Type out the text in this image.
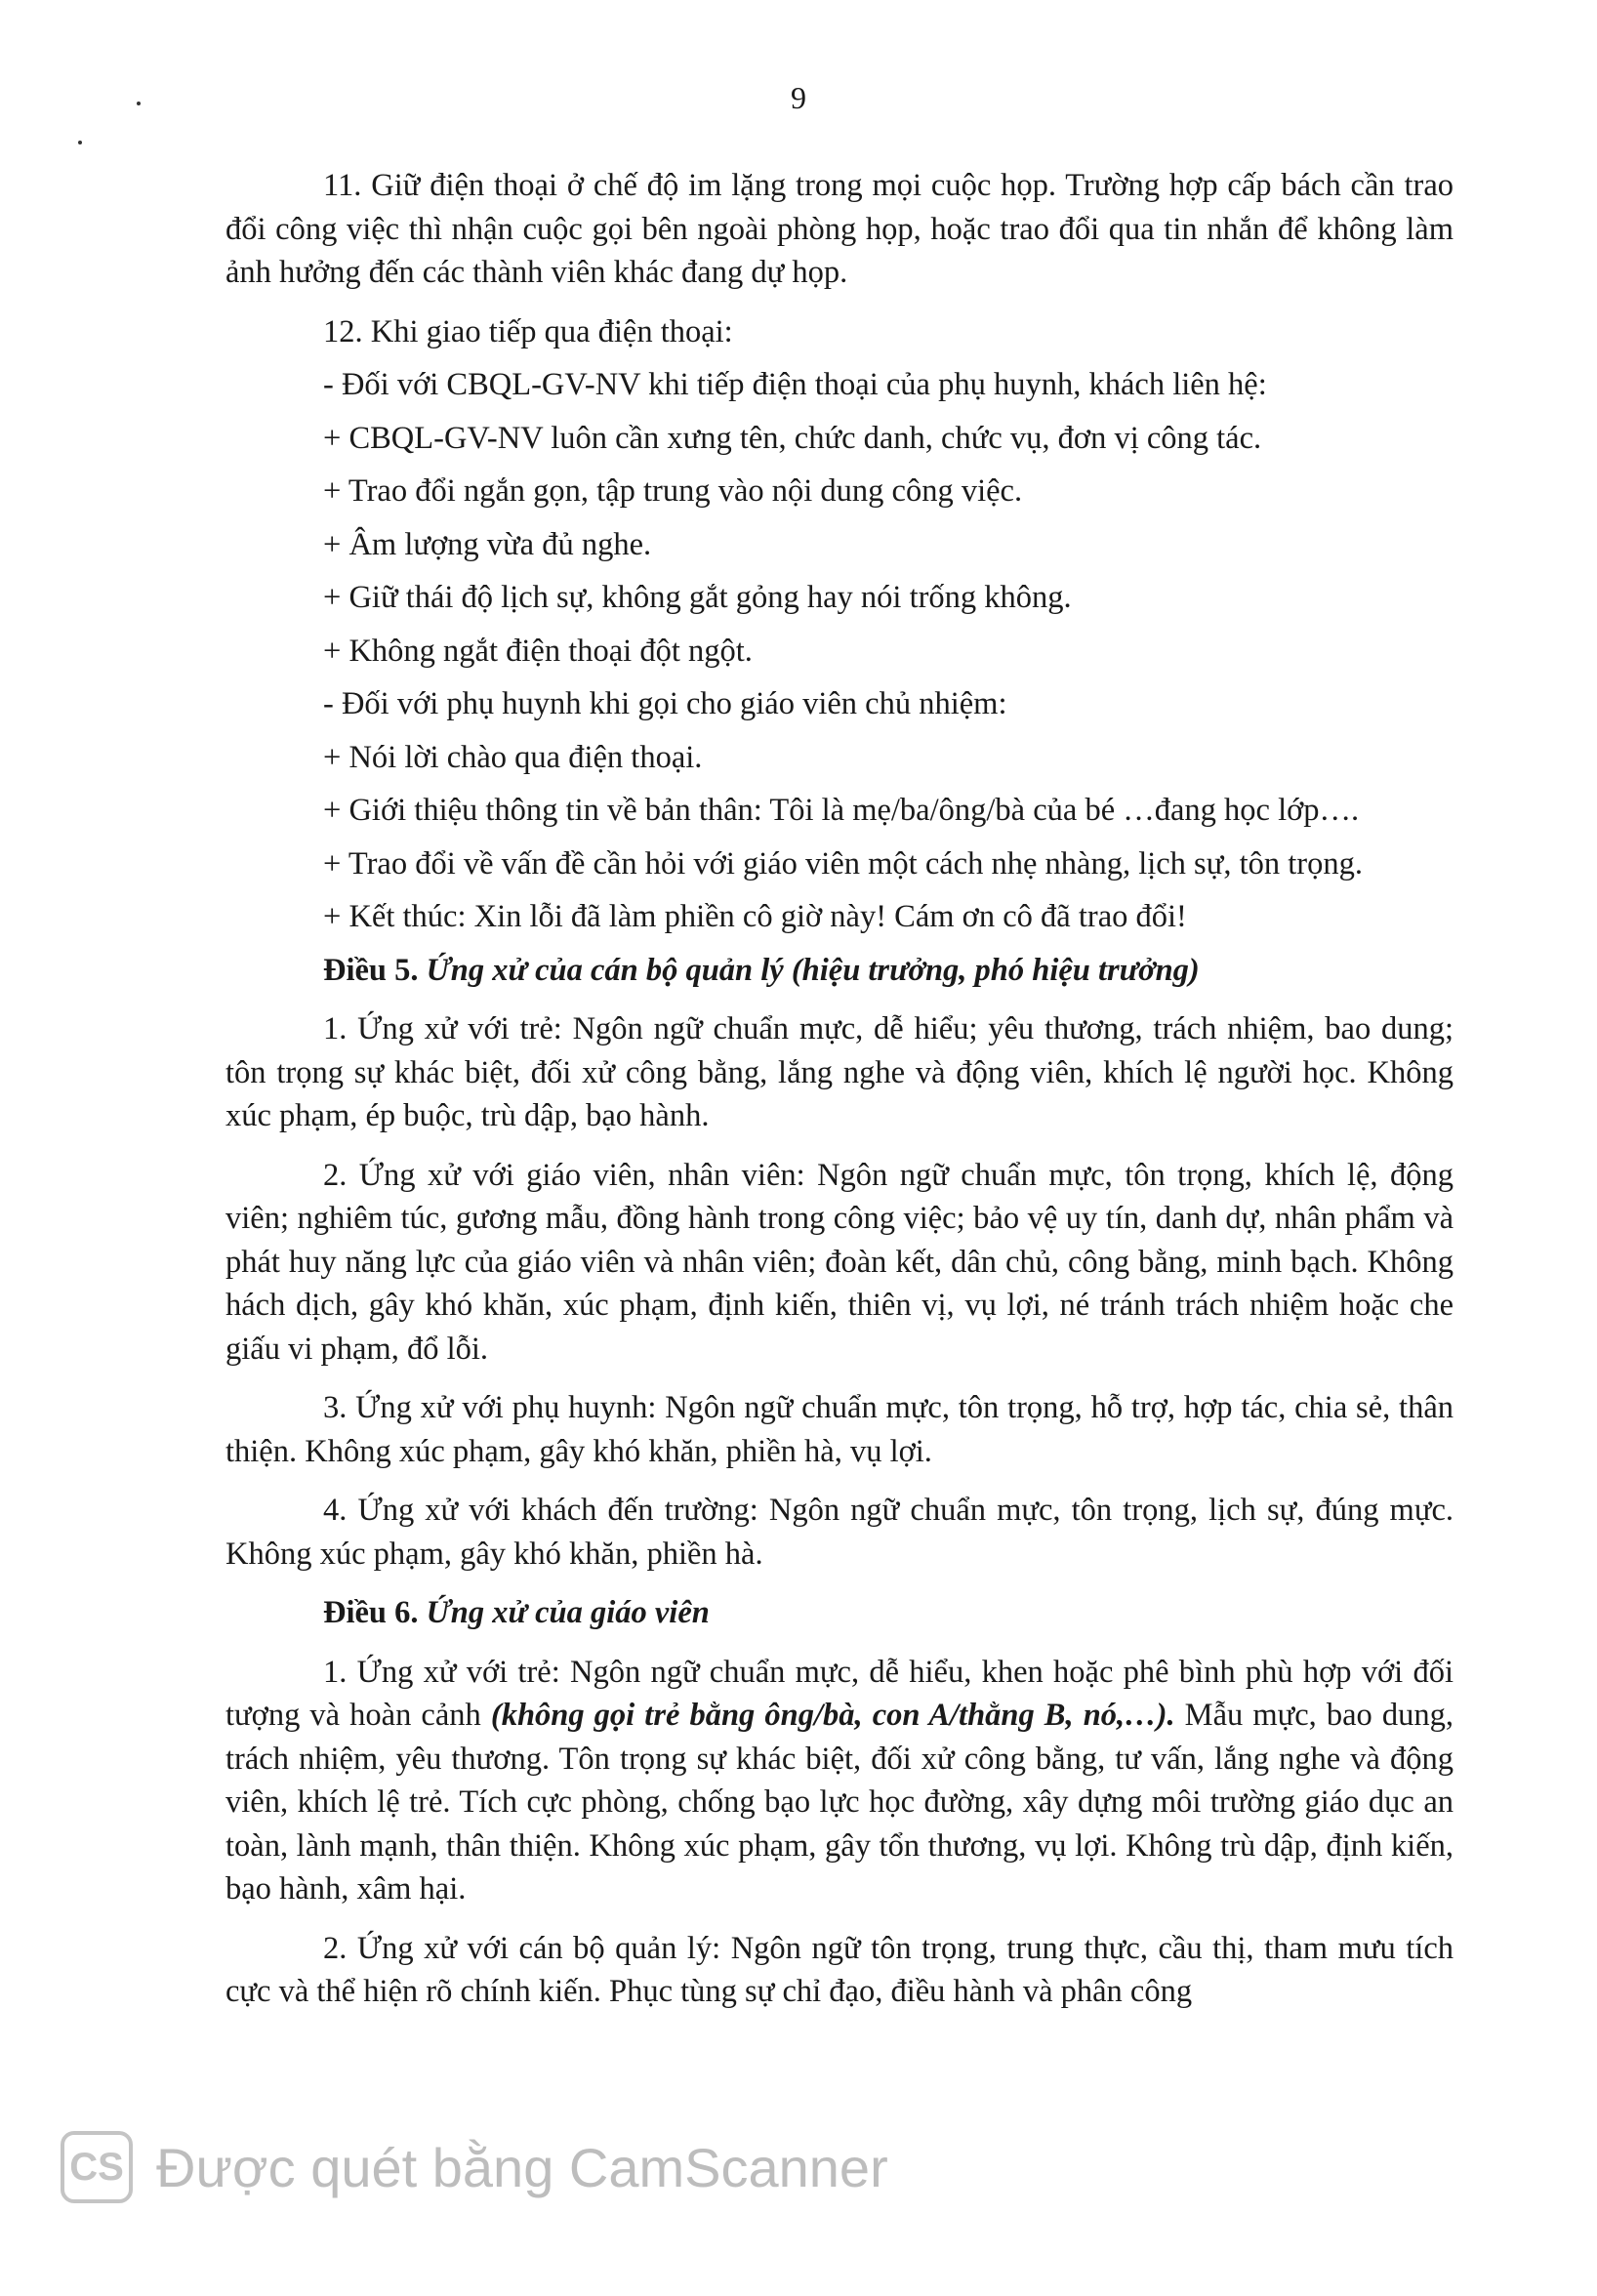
9

11. Giữ điện thoại ở chế độ im lặng trong mọi cuộc họp. Trường hợp cấp bách cần trao đổi công việc thì nhận cuộc gọi bên ngoài phòng họp, hoặc trao đổi qua tin nhắn để không làm ảnh hưởng đến các thành viên khác đang dự họp.

12. Khi giao tiếp qua điện thoại:

- Đối với CBQL-GV-NV khi tiếp điện thoại của phụ huynh, khách liên hệ:

+ CBQL-GV-NV luôn cần xưng tên, chức danh, chức vụ, đơn vị công tác.

+ Trao đổi ngắn gọn, tập trung vào nội dung công việc.

+ Âm lượng vừa đủ nghe.

+ Giữ thái độ lịch sự, không gắt gỏng hay nói trống không.

+ Không ngắt điện thoại đột ngột.

- Đối với phụ huynh khi gọi cho giáo viên chủ nhiệm:

+ Nói lời chào qua điện thoại.

+ Giới thiệu thông tin về bản thân: Tôi là mẹ/ba/ông/bà của bé …đang học lớp….

+ Trao đổi về vấn đề cần hỏi với giáo viên một cách nhẹ nhàng, lịch sự, tôn trọng.

+ Kết thúc: Xin lỗi đã làm phiền cô giờ này! Cám ơn cô đã trao đổi!

Điều 5. Ứng xử của cán bộ quản lý (hiệu trưởng, phó hiệu trưởng)

1. Ứng xử với trẻ: Ngôn ngữ chuẩn mực, dễ hiểu; yêu thương, trách nhiệm, bao dung; tôn trọng sự khác biệt, đối xử công bằng, lắng nghe và động viên, khích lệ người học. Không xúc phạm, ép buộc, trù dập, bạo hành.

2. Ứng xử với giáo viên, nhân viên: Ngôn ngữ chuẩn mực, tôn trọng, khích lệ, động viên; nghiêm túc, gương mẫu, đồng hành trong công việc; bảo vệ uy tín, danh dự, nhân phẩm và phát huy năng lực của giáo viên và nhân viên; đoàn kết, dân chủ, công bằng, minh bạch. Không hách dịch, gây khó khăn, xúc phạm, định kiến, thiên vị, vụ lợi, né tránh trách nhiệm hoặc che giấu vi phạm, đổ lỗi.

3. Ứng xử với phụ huynh: Ngôn ngữ chuẩn mực, tôn trọng, hỗ trợ, hợp tác, chia sẻ, thân thiện. Không xúc phạm, gây khó khăn, phiền hà, vụ lợi.

4. Ứng xử với khách đến trường: Ngôn ngữ chuẩn mực, tôn trọng, lịch sự, đúng mực. Không xúc phạm, gây khó khăn, phiền hà.

Điều 6. Ứng xử của giáo viên

1. Ứng xử với trẻ: Ngôn ngữ chuẩn mực, dễ hiểu, khen hoặc phê bình phù hợp với đối tượng và hoàn cảnh (không gọi trẻ bằng ông/bà, con A/thằng B, nó,…). Mẫu mực, bao dung, trách nhiệm, yêu thương. Tôn trọng sự khác biệt, đối xử công bằng, tư vấn, lắng nghe và động viên, khích lệ trẻ. Tích cực phòng, chống bạo lực học đường, xây dựng môi trường giáo dục an toàn, lành mạnh, thân thiện. Không xúc phạm, gây tổn thương, vụ lợi. Không trù dập, định kiến, bạo hành, xâm hại.

2. Ứng xử với cán bộ quản lý: Ngôn ngữ tôn trọng, trung thực, cầu thị, tham mưu tích cực và thể hiện rõ chính kiến. Phục tùng sự chỉ đạo, điều hành và phân công

CS Được quét bằng CamScanner
